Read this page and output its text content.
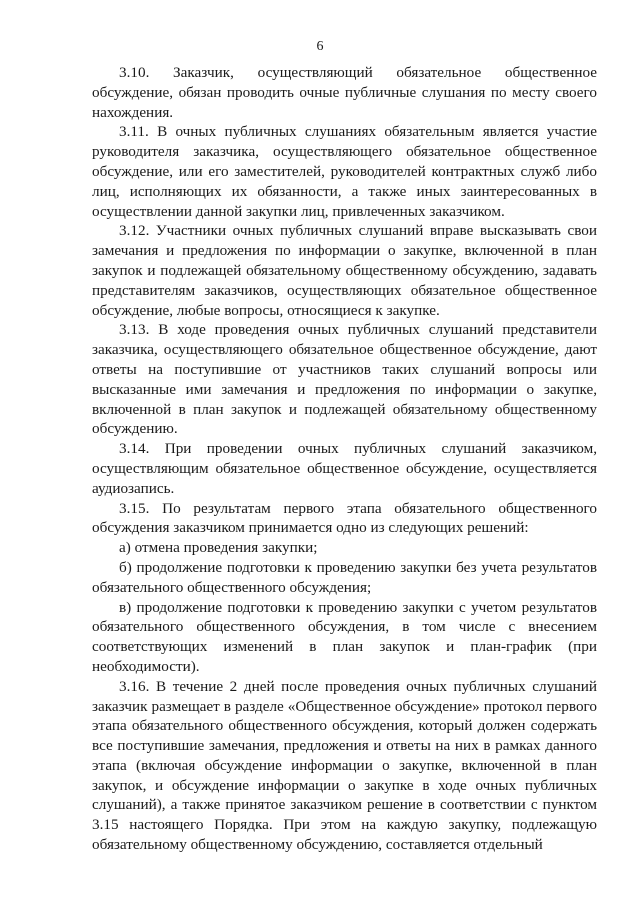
6

3.10. Заказчик, осуществляющий обязательное общественное обсуждение, обязан проводить очные публичные слушания по месту своего нахождения.

3.11. В очных публичных слушаниях обязательным является участие руководителя заказчика, осуществляющего обязательное общественное обсуждение, или его заместителей, руководителей контрактных служб либо лиц, исполняющих их обязанности, а также иных заинтересованных в осуществлении данной закупки лиц, привлеченных заказчиком.

3.12. Участники очных публичных слушаний вправе высказывать свои замечания и предложения по информации о закупке, включенной в план закупок и подлежащей обязательному общественному обсуждению, задавать представителям заказчиков, осуществляющих обязательное общественное обсуждение, любые вопросы, относящиеся к закупке.

3.13. В ходе проведения очных публичных слушаний представители заказчика, осуществляющего обязательное общественное обсуждение, дают ответы на поступившие от участников таких слушаний вопросы или высказанные ими замечания и предложения по информации о закупке, включенной в план закупок и подлежащей обязательному общественному обсуждению.

3.14. При проведении очных публичных слушаний заказчиком, осуществляющим обязательное общественное обсуждение, осуществляется аудиозапись.

3.15. По результатам первого этапа обязательного общественного обсуждения заказчиком принимается одно из следующих решений:

а) отмена проведения закупки;

б) продолжение подготовки к проведению закупки без учета результатов обязательного общественного обсуждения;

в) продолжение подготовки к проведению закупки с учетом результатов обязательного общественного обсуждения, в том числе с внесением соответствующих изменений в план закупок и план-график (при необходимости).

3.16. В течение 2 дней после проведения очных публичных слушаний заказчик размещает в разделе «Общественное обсуждение» протокол первого этапа обязательного общественного обсуждения, который должен содержать все поступившие замечания, предложения и ответы на них в рамках данного этапа (включая обсуждение информации о закупке, включенной в план закупок, и обсуждение информации о закупке в ходе очных публичных слушаний), а также принятое заказчиком решение в соответствии с пунктом 3.15 настоящего Порядка. При этом на каждую закупку, подлежащую обязательному общественному обсуждению, составляется отдельный
